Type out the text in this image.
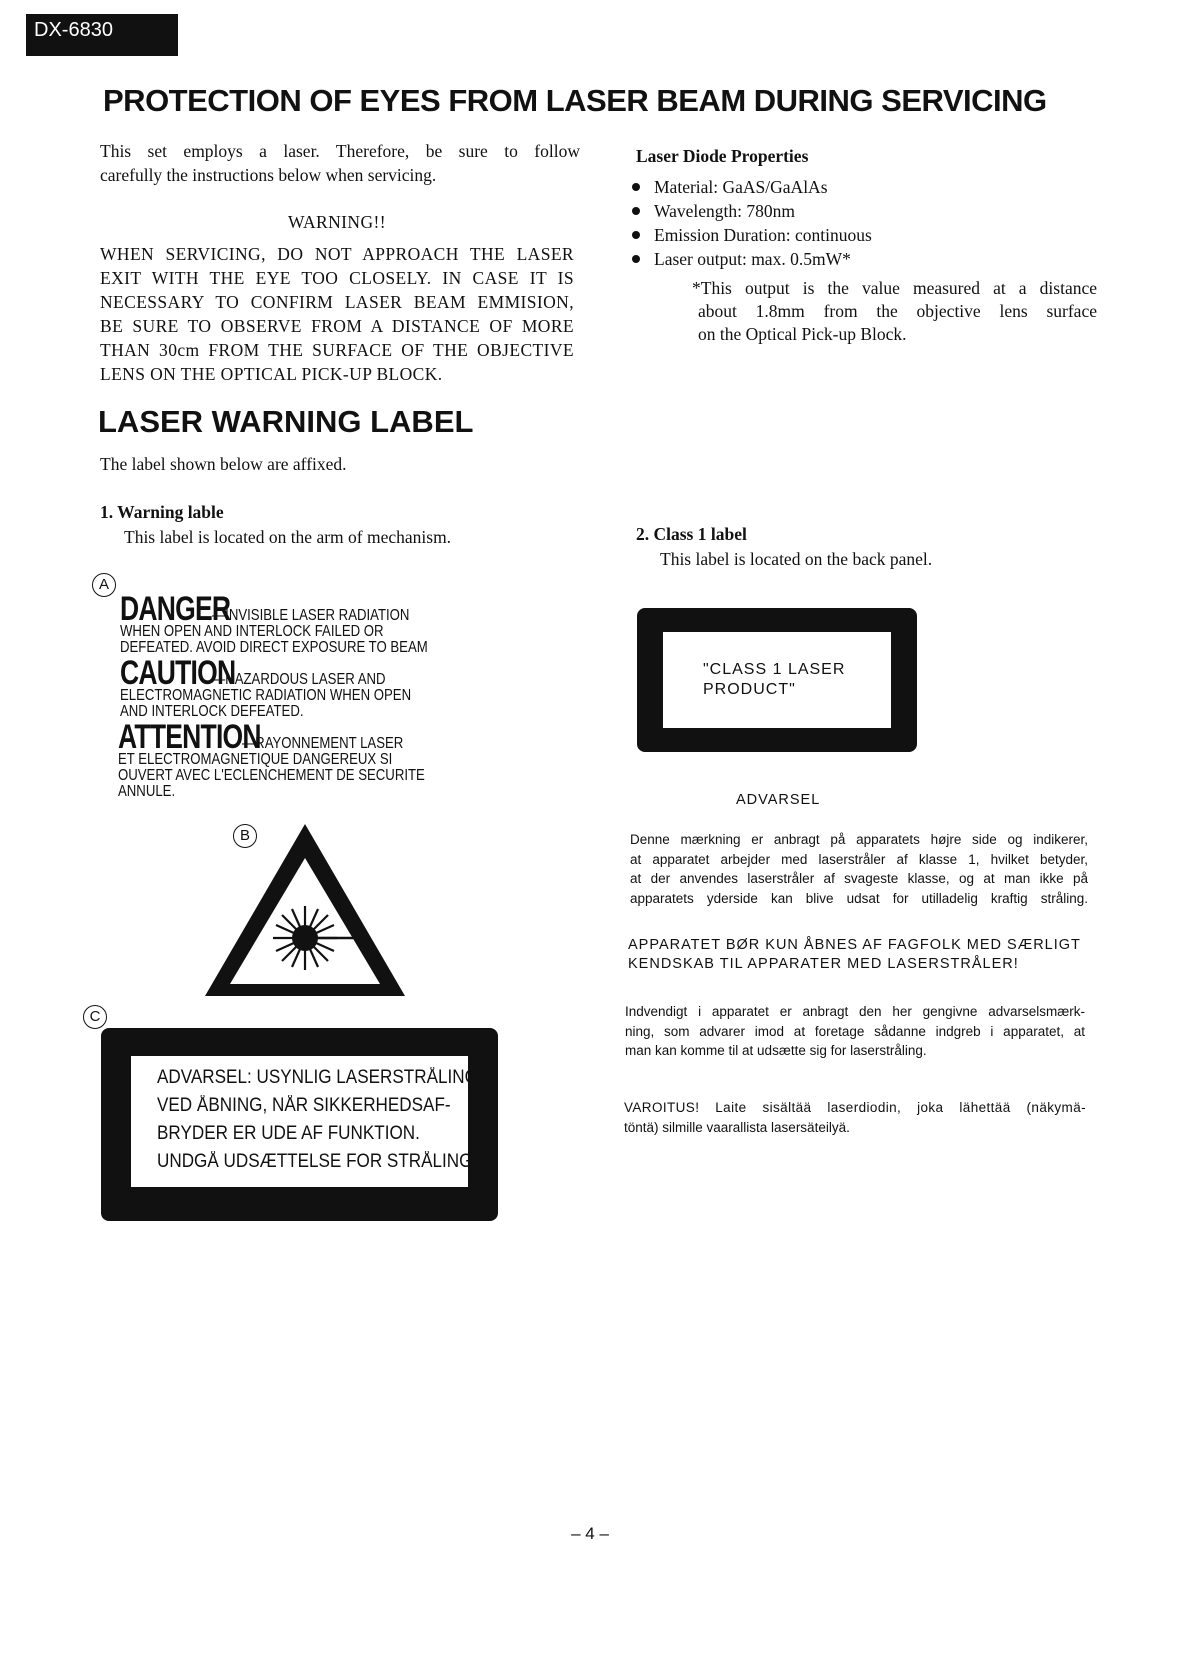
DX-6830
PROTECTION OF EYES FROM LASER BEAM DURING SERVICING
This set employs a laser. Therefore, be sure to follow
carefully the instructions below when servicing.
WARNING!!
WHEN SERVICING, DO NOT APPROACH THE LASER
EXIT WITH THE EYE TOO CLOSELY. IN CASE IT IS
NECESSARY TO CONFIRM LASER BEAM EMMISION,
BE SURE TO OBSERVE FROM A DISTANCE OF MORE
THAN 30cm FROM THE SURFACE OF THE OBJECTIVE
LENS ON THE OPTICAL PICK-UP BLOCK.
Laser Diode Properties
Material: GaAS/GaAlAs
Wavelength: 780nm
Emission Duration: continuous
Laser output: max. 0.5mW*
*This output is the value measured at a distance
about 1.8mm from the objective lens surface
on the Optical Pick-up Block.
LASER WARNING LABEL
The label shown below are affixed.
1. Warning lable
This label is located on the arm of mechanism.
A
DANGER
—INVISIBLE LASER RADIATION
WHEN OPEN AND INTERLOCK FAILED OR
DEFEATED. AVOID DIRECT EXPOSURE TO BEAM
CAUTION
—HAZARDOUS LASER AND
ELECTROMAGNETIC RADIATION WHEN OPEN
AND INTERLOCK DEFEATED.
ATTENTION
—RAYONNEMENT LASER
ET ELECTROMAGNETIQUE DANGEREUX SI
OUVERT AVEC L'ECLENCHEMENT DE SECURITE
ANNULE.
B
C
ADVARSEL: USYNLIG LASERSTRÅLING
VED ÅBNING, NÅR SIKKERHEDSAF-
BRYDER ER UDE AF FUNKTION.
UNDGÅ UDSÆTTELSE FOR STRÅLING.
2. Class 1 label
This label is located on the back panel.
"CLASS 1 LASER
PRODUCT"
ADVARSEL
Denne mærkning er anbragt på apparatets højre side og indikerer,
at apparatet arbejder med laserstråler af klasse 1, hvilket betyder,
at der anvendes laserstråler af svageste klasse, og at man ikke på
apparatets yderside kan blive udsat for utilladelig kraftig stråling.
APPARATET BØR KUN ÅBNES AF FAGFOLK MED SÆRLIGT
KENDSKAB TIL APPARATER MED LASERSTRÅLER!
Indvendigt i apparatet er anbragt den her gengivne advarselsmærk-
ning, som advarer imod at foretage sådanne indgreb i apparatet, at
man kan komme til at udsætte sig for laserstråling.
VAROITUS! Laite sisältää laserdiodin, joka lähettää (näkymä-
töntä) silmille vaarallista lasersäteilyä.
– 4 –
